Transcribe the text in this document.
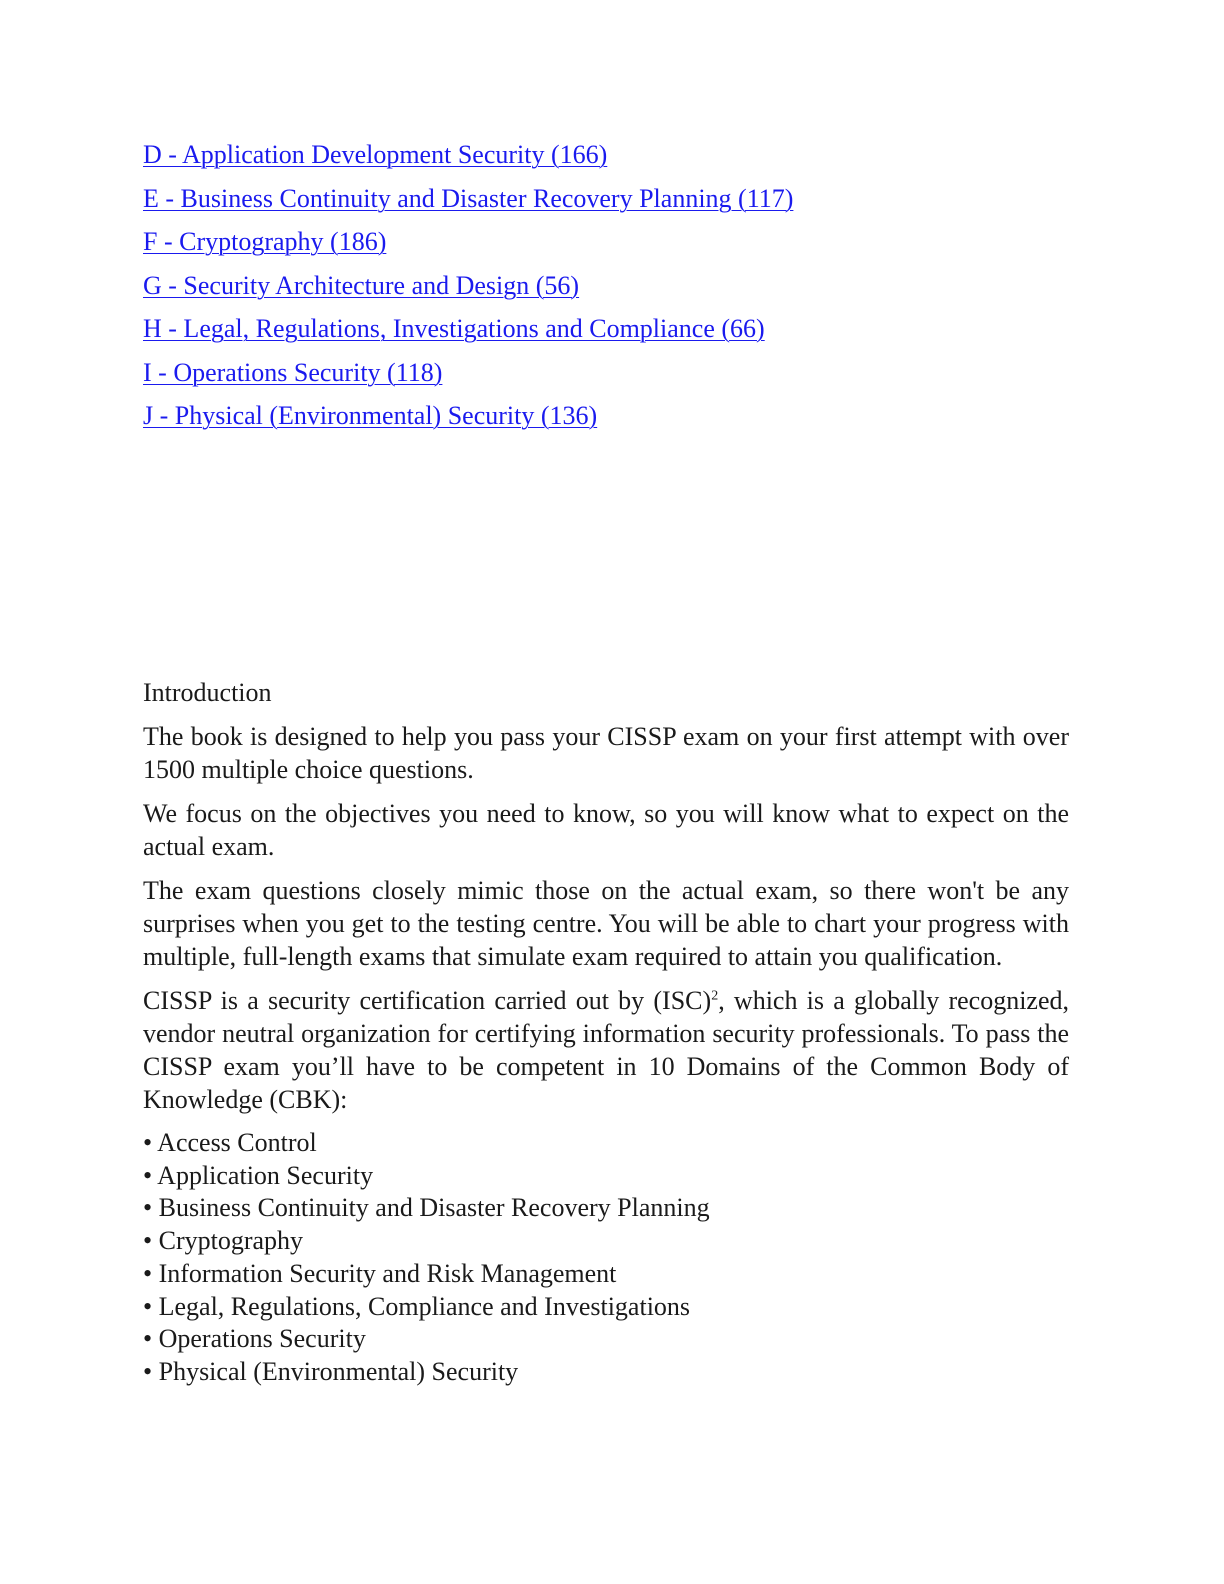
D - Application Development Security (166)
E - Business Continuity and Disaster Recovery Planning (117)
F - Cryptography (186)
G - Security Architecture and Design (56)
H - Legal, Regulations, Investigations and Compliance (66)
I - Operations Security (118)
J - Physical (Environmental) Security (136)
Introduction

The book is designed to help you pass your CISSP exam on your first attempt with over 1500 multiple choice questions.

We focus on the objectives you need to know, so you will know what to expect on the actual exam.

The exam questions closely mimic those on the actual exam, so there won't be any surprises when you get to the testing centre. You will be able to chart your progress with multiple, full-length exams that simulate exam required to attain you qualification.

CISSP is a security certification carried out by (ISC)$^2$, which is a globally recognized, vendor neutral organization for certifying information security professionals. To pass the CISSP exam you’ll have to be competent in 10 Domains of the Common Body of Knowledge (CBK):

• Access Control
• Application Security
• Business Continuity and Disaster Recovery Planning
• Cryptography
• Information Security and Risk Management
• Legal, Regulations, Compliance and Investigations
• Operations Security
• Physical (Environmental) Security
